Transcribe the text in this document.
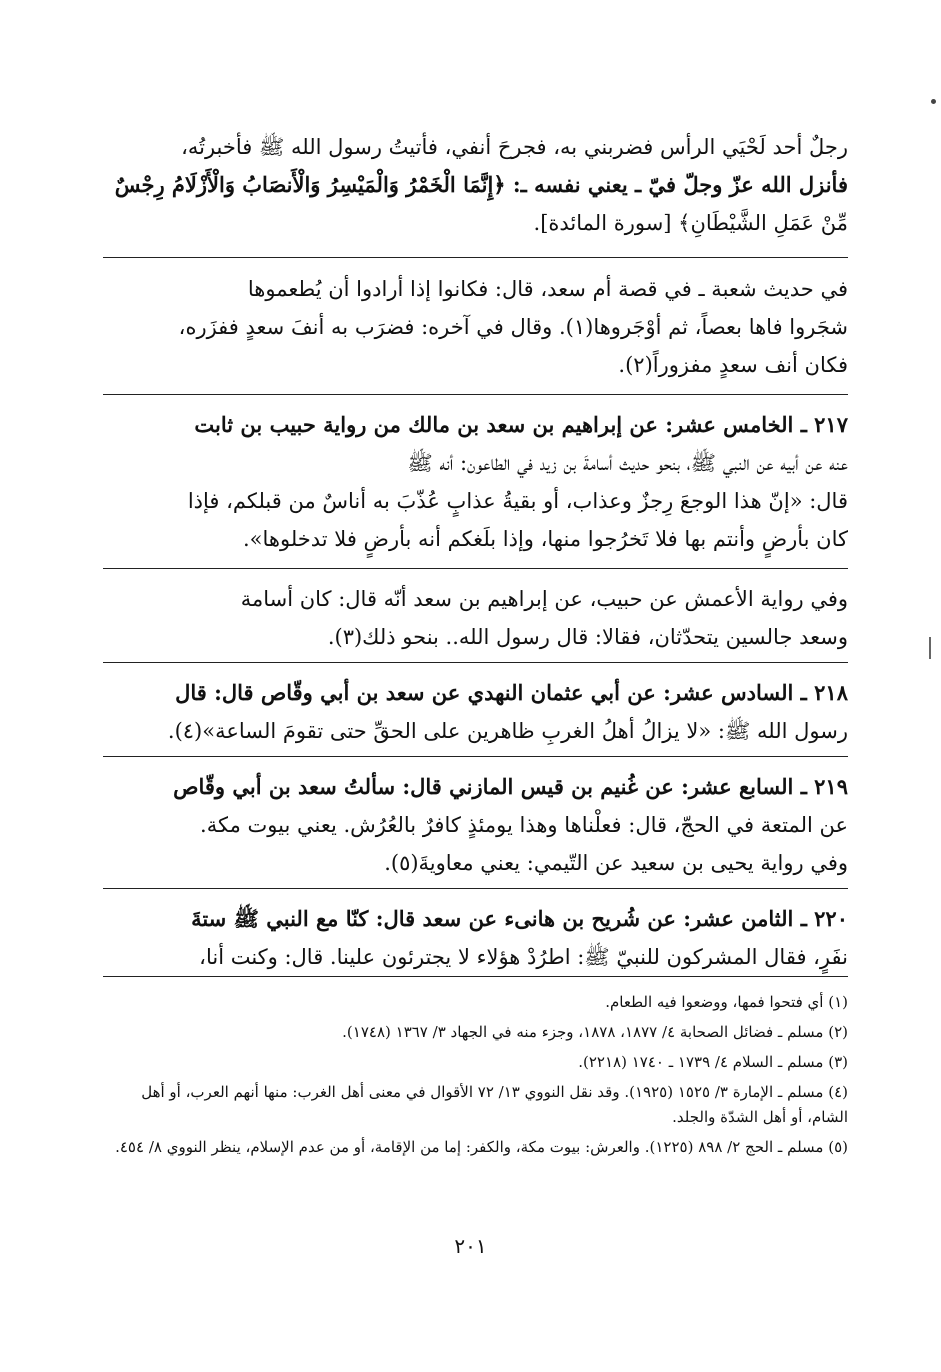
رجلٌ أحد لَحْيَي الرأس فضربني به، فجرحَ أنفي، فأتيتُ رسول الله ﷺ فأخبرتُه،
فأنزل الله عزّ وجلّ فيّ ـ يعني نفسه ـ: ﴿إِنَّمَا الْخَمْرُ وَالْمَيْسِرُ وَالْأَنصَابُ وَالْأَزْلَامُ رِجْسٌ
مِّنْ عَمَلِ الشَّيْطَانِ﴾ [سورة المائدة].
في حديث شعبة ـ في قصة أم سعد، قال: فكانوا إذا أرادوا أن يُطعموها
شجَروا فاها بعصاً، ثم أوْجَروها(١). وقال في آخره: فضرَب به أنفَ سعدٍ ففزَره،
فكان أنف سعدٍ مفزوراً(٢).
٢١٧ ـ الخامس عشر: عن إبراهيم بن سعد بن مالك من رواية حبيب بن ثابت
عنه عن أبيه عن النبي ﷺ، بنحو حديث أسامةَ بن زيد في الطاعون: أنه ﷺ
قال: «إنّ هذا الوجعَ رِجزٌ وعذاب، أو بقيةُ عذابٍ عُذّبَ به أناسٌ من قبلكم، فإذا
كان بأرضٍ وأنتم بها فلا تَخرُجوا منها، وإذا بلَغكم أنه بأرضٍ فلا تدخلوها».
وفي رواية الأعمش عن حبيب، عن إبراهيم بن سعد أنّه قال: كان أسامة
وسعد جالسين يتحدّثان، فقالا: قال رسول الله.. بنحو ذلك(٣).
٢١٨ ـ السادس عشر: عن أبي عثمان النهدي عن سعد بن أبي وقّاص قال: قال
رسول الله ﷺ: «لا يزالُ أهلُ الغربِ ظاهرين على الحقِّ حتى تقومَ الساعة»(٤).
٢١٩ ـ السابع عشر: عن غُنيم بن قيس المازني قال: سألتُ سعد بن أبي وقّاص
عن المتعة في الحجّ، قال: فعلْناها وهذا يومئذٍ كافرٌ بالعُرُش. يعني بيوت مكة.
وفي رواية يحيى بن سعيد عن التّيمي: يعني معاويةَ(٥).
٢٢٠ ـ الثامن عشر: عن شُريح بن هانىء عن سعد قال: كنّا مع النبي ﷺ ستةَ
نفَرٍ، فقال المشركون للنبيّ ﷺ: اطرُدْ هؤلاء لا يجترئون علينا. قال: وكنت أنا،
(١) أي فتحوا فمها، ووضعوا فيه الطعام.
(٢) مسلم ـ فضائل الصحابة ٤/ ١٨٧٧، ١٨٧٨، وجزء منه في الجهاد ٣/ ١٣٦٧ (١٧٤٨).
(٣) مسلم ـ السلام ٤/ ١٧٣٩ ـ ١٧٤٠ (٢٢١٨).
(٤) مسلم ـ الإمارة ٣/ ١٥٢٥ (١٩٢٥). وقد نقل النووي ١٣/ ٧٢ الأقوال في معنى أهل الغرب: منها أنهم العرب، أو أهل الشام، أو أهل الشدّة والجلد.
(٥) مسلم ـ الحج ٢/ ٨٩٨ (١٢٢٥). والعرش: بيوت مكة، والكفر: إما من الإقامة، أو من عدم الإسلام، ينظر النووي ٨/ ٤٥٤.
٢٠١
